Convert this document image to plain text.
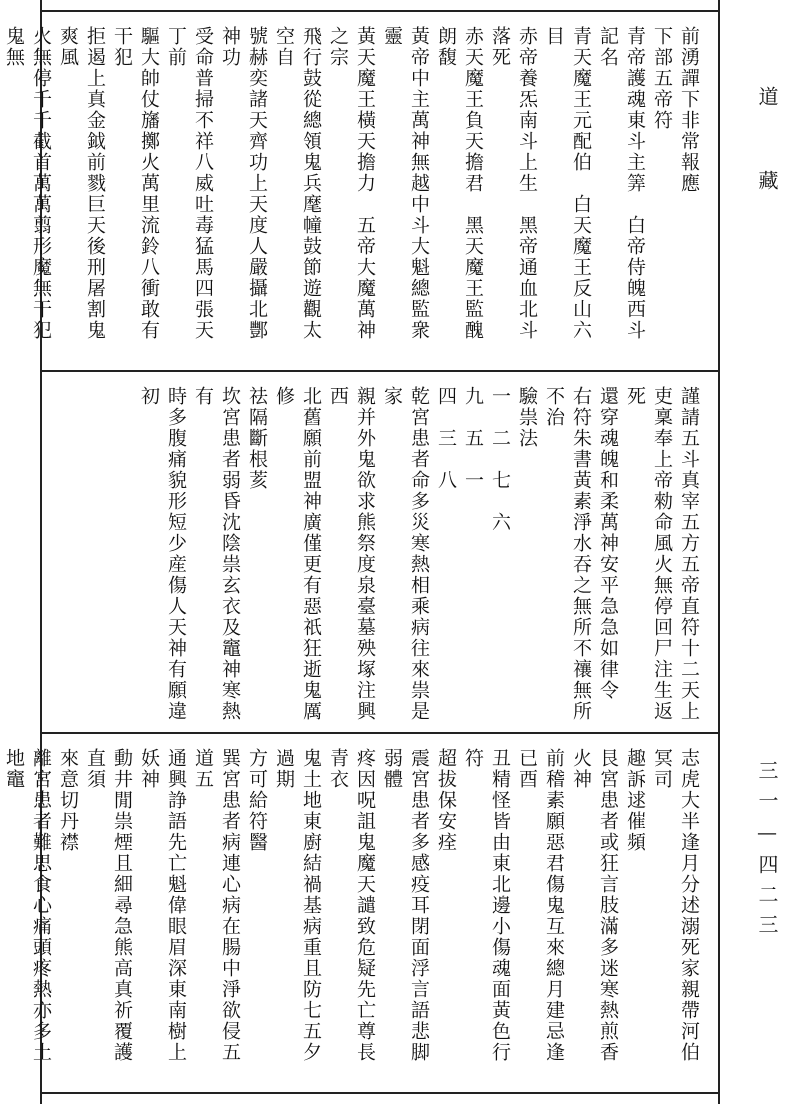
道
藏
三一—四二三
前湧譂下非常報應
下部五帝符
青帝護魂東斗主筭　白帝侍魄西斗記名
青天魔王元配伯　白天魔王反山六目
赤帝養炁南斗上生　黑帝通血北斗落死
赤天魔王負天擔君　黑天魔王監醜朗馥
黃帝中主萬神無越中斗大魁總監衆靈
黃天魔王橫天擔力　五帝大魔萬神之宗
飛行鼓從總領鬼兵麾幢鼓節遊觀太空自
號赫奕諸天齊功上天度人嚴攝北酆神功
受命普掃不祥八威吐毒猛馬四張天丁前
驅大帥仗旛擲火萬里流鈴八衝敢有干犯
拒遏上真金鉞前戮巨天後刑屠割鬼爽風
火無停千千截首萬萬翦形魔無干犯鬼無
謹請五斗真宰五方五帝直符十二天上
吏稟奉上帝勑命風火無停回尸注生返死
還穿魂魄和柔萬神安平急急如律令
右符朱書黃素淨水吞之無所不禳無所
不治
驗祟法
一　二　七　六
九　五　一
四　三　八
乾宮患者命多災寒熱相乘病往來祟是家
親并外鬼欲求熊祭度泉臺墓殃塚注興西
北舊願前盟神廣僅更有惡祇狂逝鬼厲修
祛隔斷根荄
坎宮患者弱昏沈陰祟玄衣及竈神寒熱有
時多腹痛貌形短少産傷人天神有願違初
志虎大半逢月分述溺死家親帶河伯冥司
趣訴逑催頻
艮宮患者或狂言肢滿多迷寒熱煎香火神
前稽素願惡君傷鬼互來總月建忌逢已酉
丑精怪皆由東北邊小傷魂面黃色行符
超拔保安痊
震宮患者多感疫耳閉面浮言語悲脚弱體
疼因呪詛鬼魔天譴致危疑先亡尊長青衣
鬼土地東廚結禍基病重且防七五夕過期
方可給符醫
巽宮患者病連心病在腸中淨欲侵五道五
通興諍語先亡魁偉眼眉深東南樹上妖神
動井閒祟煙且細尋急熊高真祈覆護直須
來意切丹襟
離宮患者難思食心痛頭疼熱亦多土地竈
